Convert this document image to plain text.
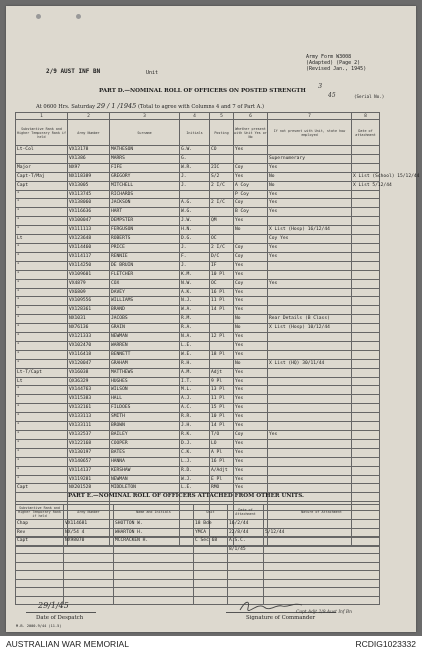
Army Form W3008
(Adapted) (Page 2)
(Revised Jan., 1945)
2/9 AUST INF BN	Unit
PART D.—NOMINAL ROLL OF OFFICERS ON POSTED STRENGTH
3
45	(Serial No.)
At 0600 Hrs. Saturday 29 / 1 /1945 (Total to agree with Columns 4 and 7 of Part A.)
1	2	3	4	5	6	7	8
Substantive Rank and Higher Temporary Rank if held	Army Number	Surname	Initials	Posting	Whether present with Unit Yes or No	If not present with Unit, state how employed	Date of attachment
Lt-Col	VX13178	MATHESON	G.W.	CO	Yes		
	VX1386	MARRS	G.			Supernumerary	
Major	NX97	FIFE	W.R.	2IC	Coy	Yes	
Capt-T/Maj	NX118389	GREGORY	J.	S/2	Yes	No	X List (School) 15/12/44
Capt	VX13005	MITCHELL	J.	2 I/C	A Coy	No	X List 5/12/44
"	VX113745	RICHARDS			P Coy	Yes	
"	VX138060	JACKSON	A.G.	2 I/C	Coy	Yes	
"	VX116636	HART	W.G.		B Coy	Yes	
"	VX100047	DEMPSTER	J.W.	QM	Yes		
"	VX111113	FERGUSON	H.N.		No	X List (Hosp) 16/12/44	
Lt	VX123648	ROBERTS	D.G.	OC		Coy Yes	
"	VX114460	PRICE	J.	2 I/C	Coy	Yes	
"	VX114117	RENNIE	F.	D/C	Coy	Yes	
"	VX114250	DE BRUIN	J.	IF	Yes		
"	VX109601	FLETCHER	K.M.	10 Pl	Yes		
"	VX4879	COX	N.W.	OC	Coy	Yes	
"	VX6809	DAVEY	A.K.	16 Pl	Yes		
"	VX109556	WILLIAMS	N.J.	11 Pl	Yes		
"	VX128361	BRAND	W.A.	14 Pl	Yes		
"	NX1031	JACOBS	R.M.		No	Rear Details (B Class)	
"	NX76136	GRAIN	R.A.		No	X List (Hosp) 10/12/44	
"	VX121333	NEWMAN	N.A.	12 Pl	Yes		
"	VX102470	WARREN	L.E.		Yes		
"	VX116418	BENNETT	W.E.	18 Pl	Yes		
"	VX120047	GRAHAM	R.H.		No	X List (HQ) 30/11/44	
Lt-T/Capt	VX16038	MATTHEWS	A.M.	Adjt	Yes		
Lt	QX36329	HUGHES	I.T.	9 Pl	Yes		
"	VX144763	WILSON	M.L.	13 Pl	Yes		
"	VX115383	HALL	A.J.	11 Pl	Yes		
"	VX132161	FILDOES	A.C.	15 Pl	Yes		
"	VX133113	SMITH	R.R.	10 Pl	Yes		
"	VX133111	BROWN	J.H.	14 Pl	Yes		
"	VX132537	BAILEY	R.K.	T/O	Coy	Yes	
"	VX122168	COOPER	D.J.	LO	Yes		
"	VX130197	BATES	C.K.	A Pl	Yes		
"	VX140657	HANNA	L.J.	16 Pl	Yes		
"	VX114137	KERSHAW	R.D.	A/Adjt	Yes		
"	VX119281	NEWMAN	W.J.	E Pl	Yes		
Capt	NX201528	MIDDLETON	L.E.	RMO	Yes		

PART E.—NOMINAL ROLL OF OFFICERS ATTACHED FROM OTHER UNITS.
Substantive Rank and Higher Temporary Rank if held	Army Number	Name and Initials	Unit	Date of Attachment	Nature of Attachment
Chap	VX114681	SHOTTON W.	18 Bde	16/2/44	
Rev	NX/54 4	WHARTON H.	YMCA	22/8/44	5/12/44
Capt	NX98070	MCCRACKEN H.	C Sec 68	A.S.C.	
				8/1/45	

29/1/45
Date of Despatch	Signature of Commander
Capt Adjt 2/9 Aust Inf Bn
M.B. 2000-9/44 (11-5)
AUSTRALIAN WAR MEMORIAL	RCDIG1023332
